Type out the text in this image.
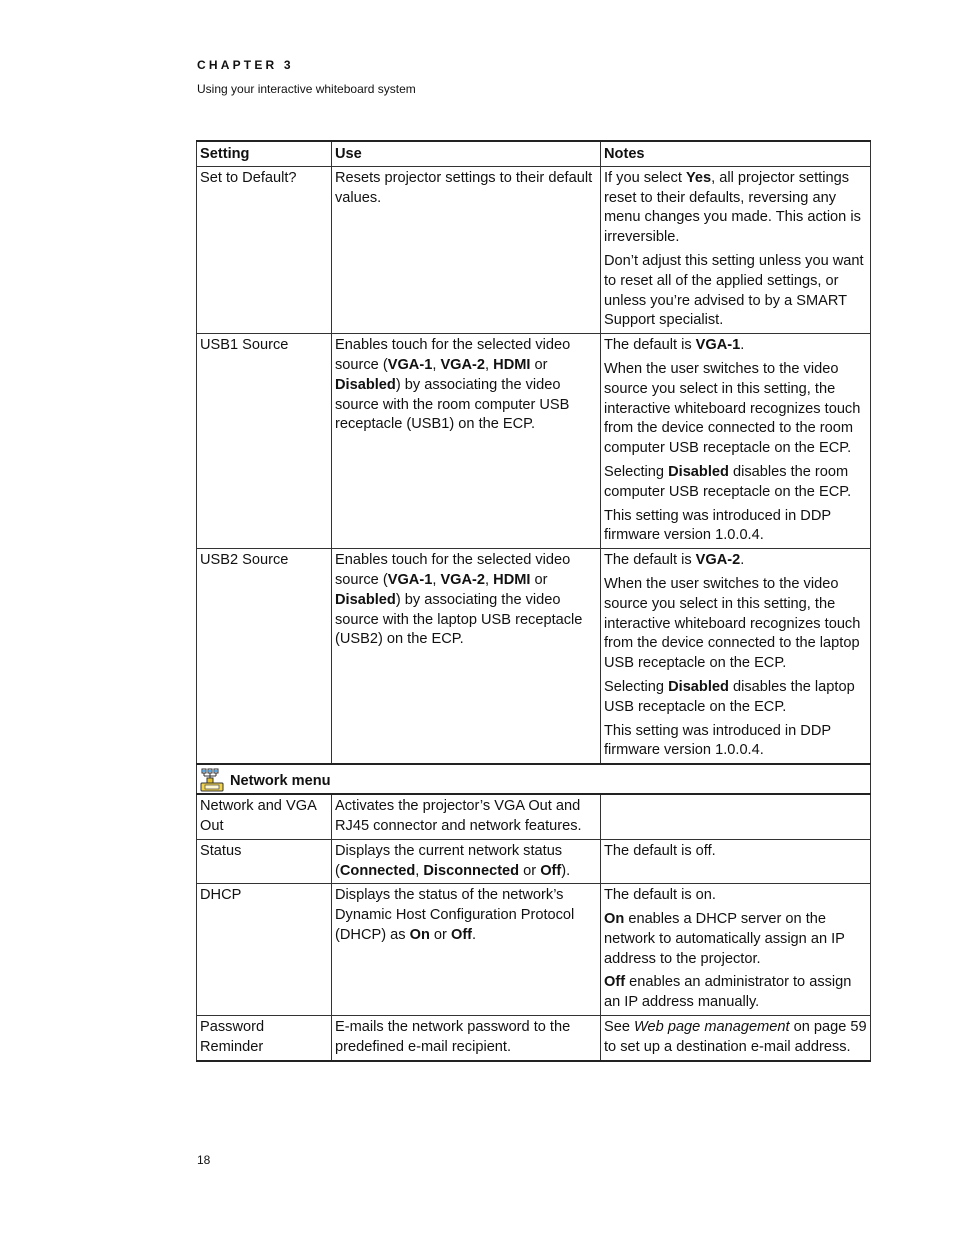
CHAPTER 3

Using your interactive whiteboard system

Setting	Use	Notes
Set to Default?	Resets projector settings to their default values.	If you select Yes, all projector settings reset to their defaults, reversing any menu changes you made. This action is irreversible.

Don’t adjust this setting unless you want to reset all of the applied settings, or unless you’re advised to by a SMART Support specialist.

USB1 Source	Enables touch for the selected video source (VGA-1, VGA-2, HDMI or Disabled) by associating the video source with the room computer USB receptacle (USB1) on the ECP.	The default is VGA-1.

When the user switches to the video source you select in this setting, the interactive whiteboard recognizes touch from the device connected to the room computer USB receptacle on the ECP.

Selecting Disabled disables the room computer USB receptacle on the ECP.

This setting was introduced in DDP firmware version 1.0.0.4.

USB2 Source	Enables touch for the selected video source (VGA-1, VGA-2, HDMI or Disabled) by associating the video source with the laptop USB receptacle (USB2) on the ECP.	The default is VGA-2.

When the user switches to the video source you select in this setting, the interactive whiteboard recognizes touch from the device connected to the laptop USB receptacle on the ECP.

Selecting Disabled disables the laptop USB receptacle on the ECP.

This setting was introduced in DDP firmware version 1.0.0.4.

Network menu		

Network and VGA Out	Activates the projector’s VGA Out and RJ45 connector and network features.	
Status	Displays the current network status (Connected, Disconnected or Off).	The default is off.

DHCP	Displays the status of the network’s Dynamic Host Configuration Protocol (DHCP) as On or Off.	The default is on.

On enables a DHCP server on the network to automatically assign an IP address to the projector.

Off enables an administrator to assign an IP address manually.

Password Reminder	E-mails the network password to the predefined e-mail recipient.	See Web page management on page 59 to set up a destination e-mail address.

18
